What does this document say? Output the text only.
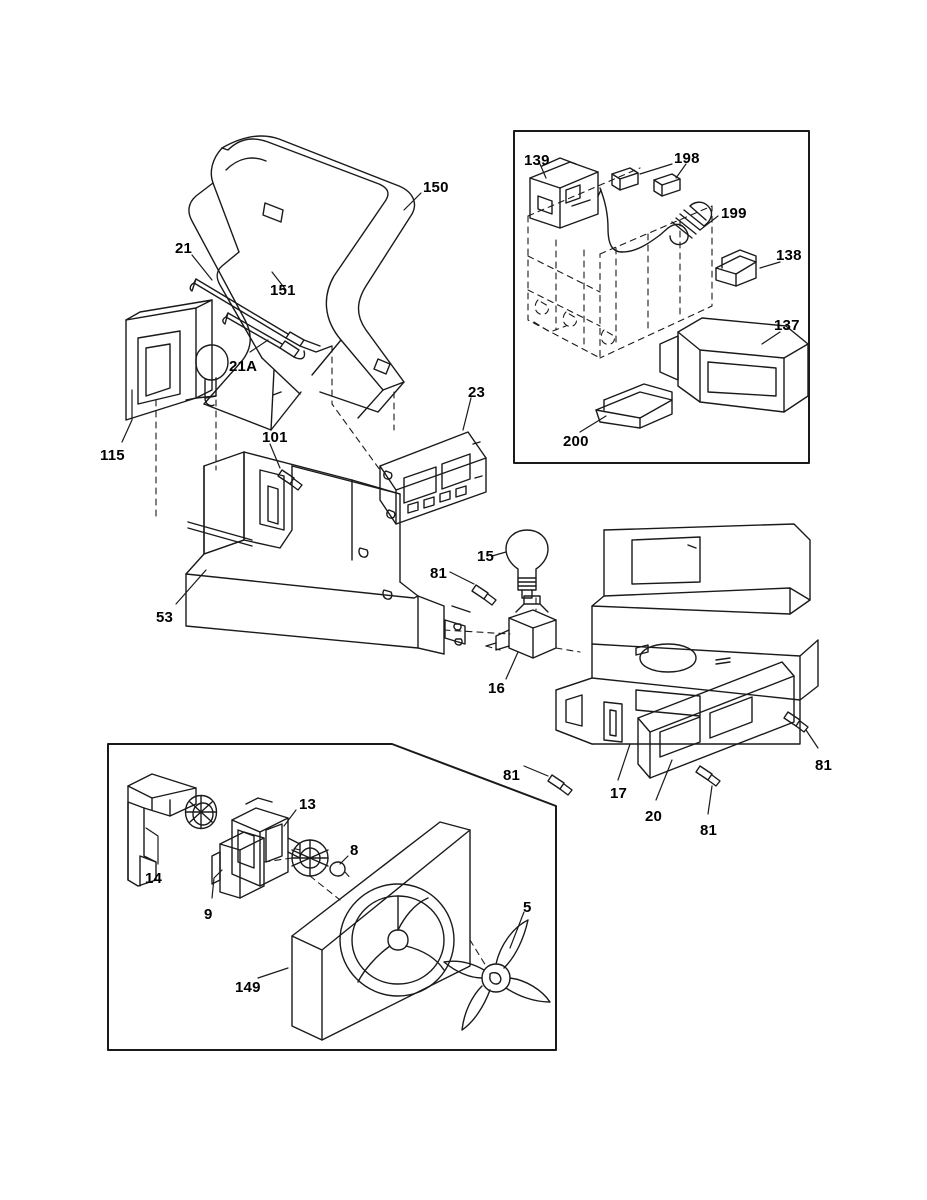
150
21
151
21A
115
101
23
53
15
81
16
81
17
20
81
81
139	198
199
138
137
200
14
9
13
8
5
149
